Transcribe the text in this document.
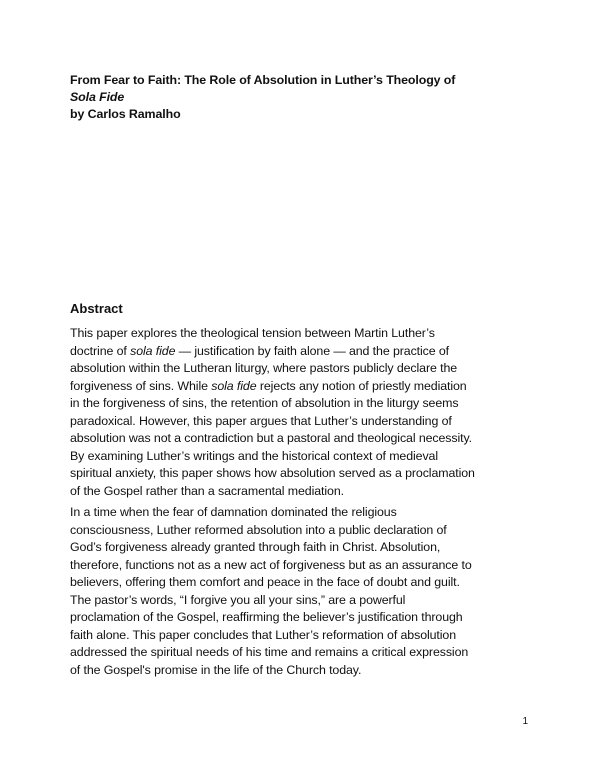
From Fear to Faith: The Role of Absolution in Luther’s Theology of
Sola Fide
by Carlos Ramalho
Abstract
This paper explores the theological tension between Martin Luther’s
doctrine of sola fide — justification by faith alone — and the practice of
absolution within the Lutheran liturgy, where pastors publicly declare the
forgiveness of sins. While sola fide rejects any notion of priestly mediation
in the forgiveness of sins, the retention of absolution in the liturgy seems
paradoxical. However, this paper argues that Luther’s understanding of
absolution was not a contradiction but a pastoral and theological necessity.
By examining Luther’s writings and the historical context of medieval
spiritual anxiety, this paper shows how absolution served as a proclamation
of the Gospel rather than a sacramental mediation.
In a time when the fear of damnation dominated the religious
consciousness, Luther reformed absolution into a public declaration of
God’s forgiveness already granted through faith in Christ. Absolution,
therefore, functions not as a new act of forgiveness but as an assurance to
believers, offering them comfort and peace in the face of doubt and guilt.
The pastor’s words, “I forgive you all your sins,” are a powerful
proclamation of the Gospel, reaffirming the believer’s justification through
faith alone. This paper concludes that Luther’s reformation of absolution
addressed the spiritual needs of his time and remains a critical expression
of the Gospel's promise in the life of the Church today.
1
